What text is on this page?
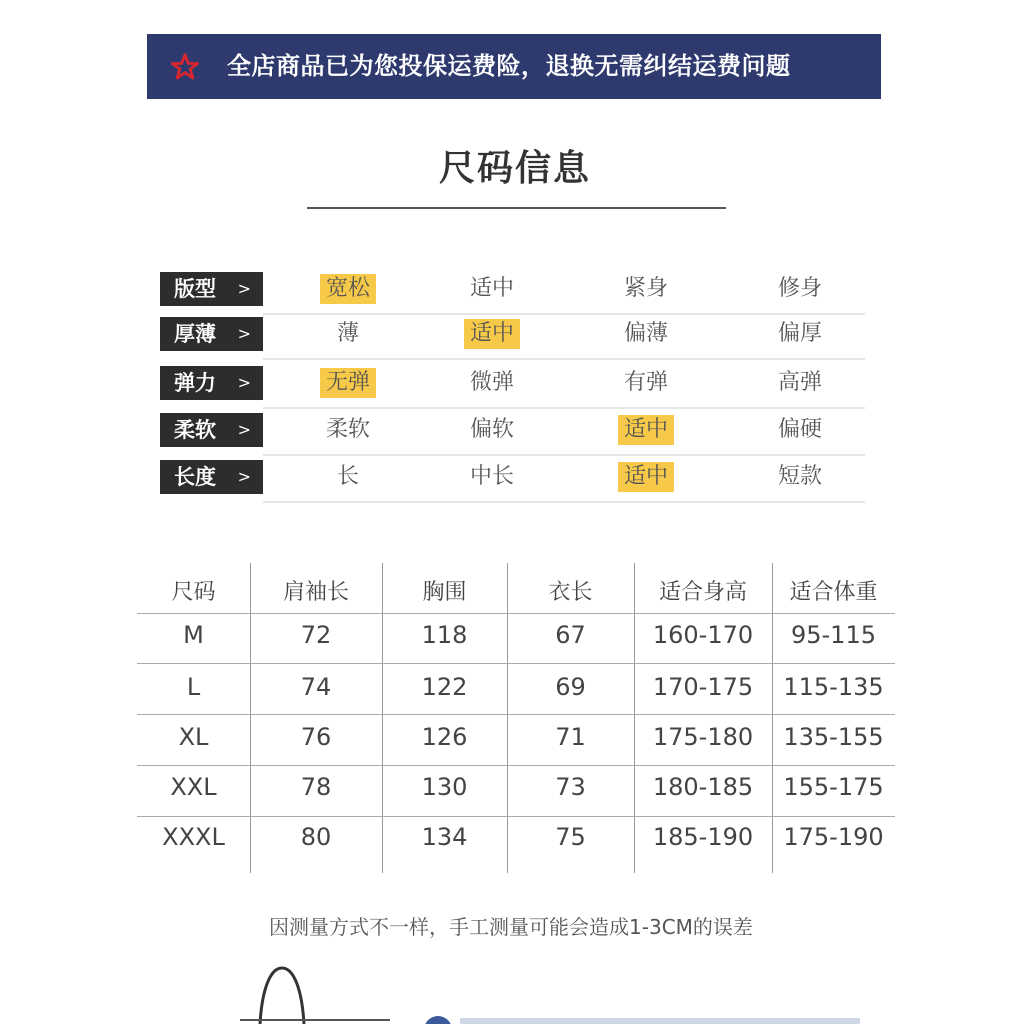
全店商品已为您投保运费险，退换无需纠结运费问题
尺码信息
版型 >	宽松	适中	紧身	修身
厚薄 >	薄	适中	偏薄	偏厚
弹力 >	无弹	微弹	有弹	高弹
柔软 >	柔软	偏软	适中	偏硬
长度 >	长	中长	适中	短款
尺码	肩袖长	胸围	衣长	适合身高	适合体重
M	72	118	67	160-170	95-115
L	74	122	69	170-175	115-135
XL	76	126	71	175-180	135-155
XXL	78	130	73	180-185	155-175
XXXL	80	134	75	185-190	175-190
因测量方式不一样，手工测量可能会造成1-3CM的误差
